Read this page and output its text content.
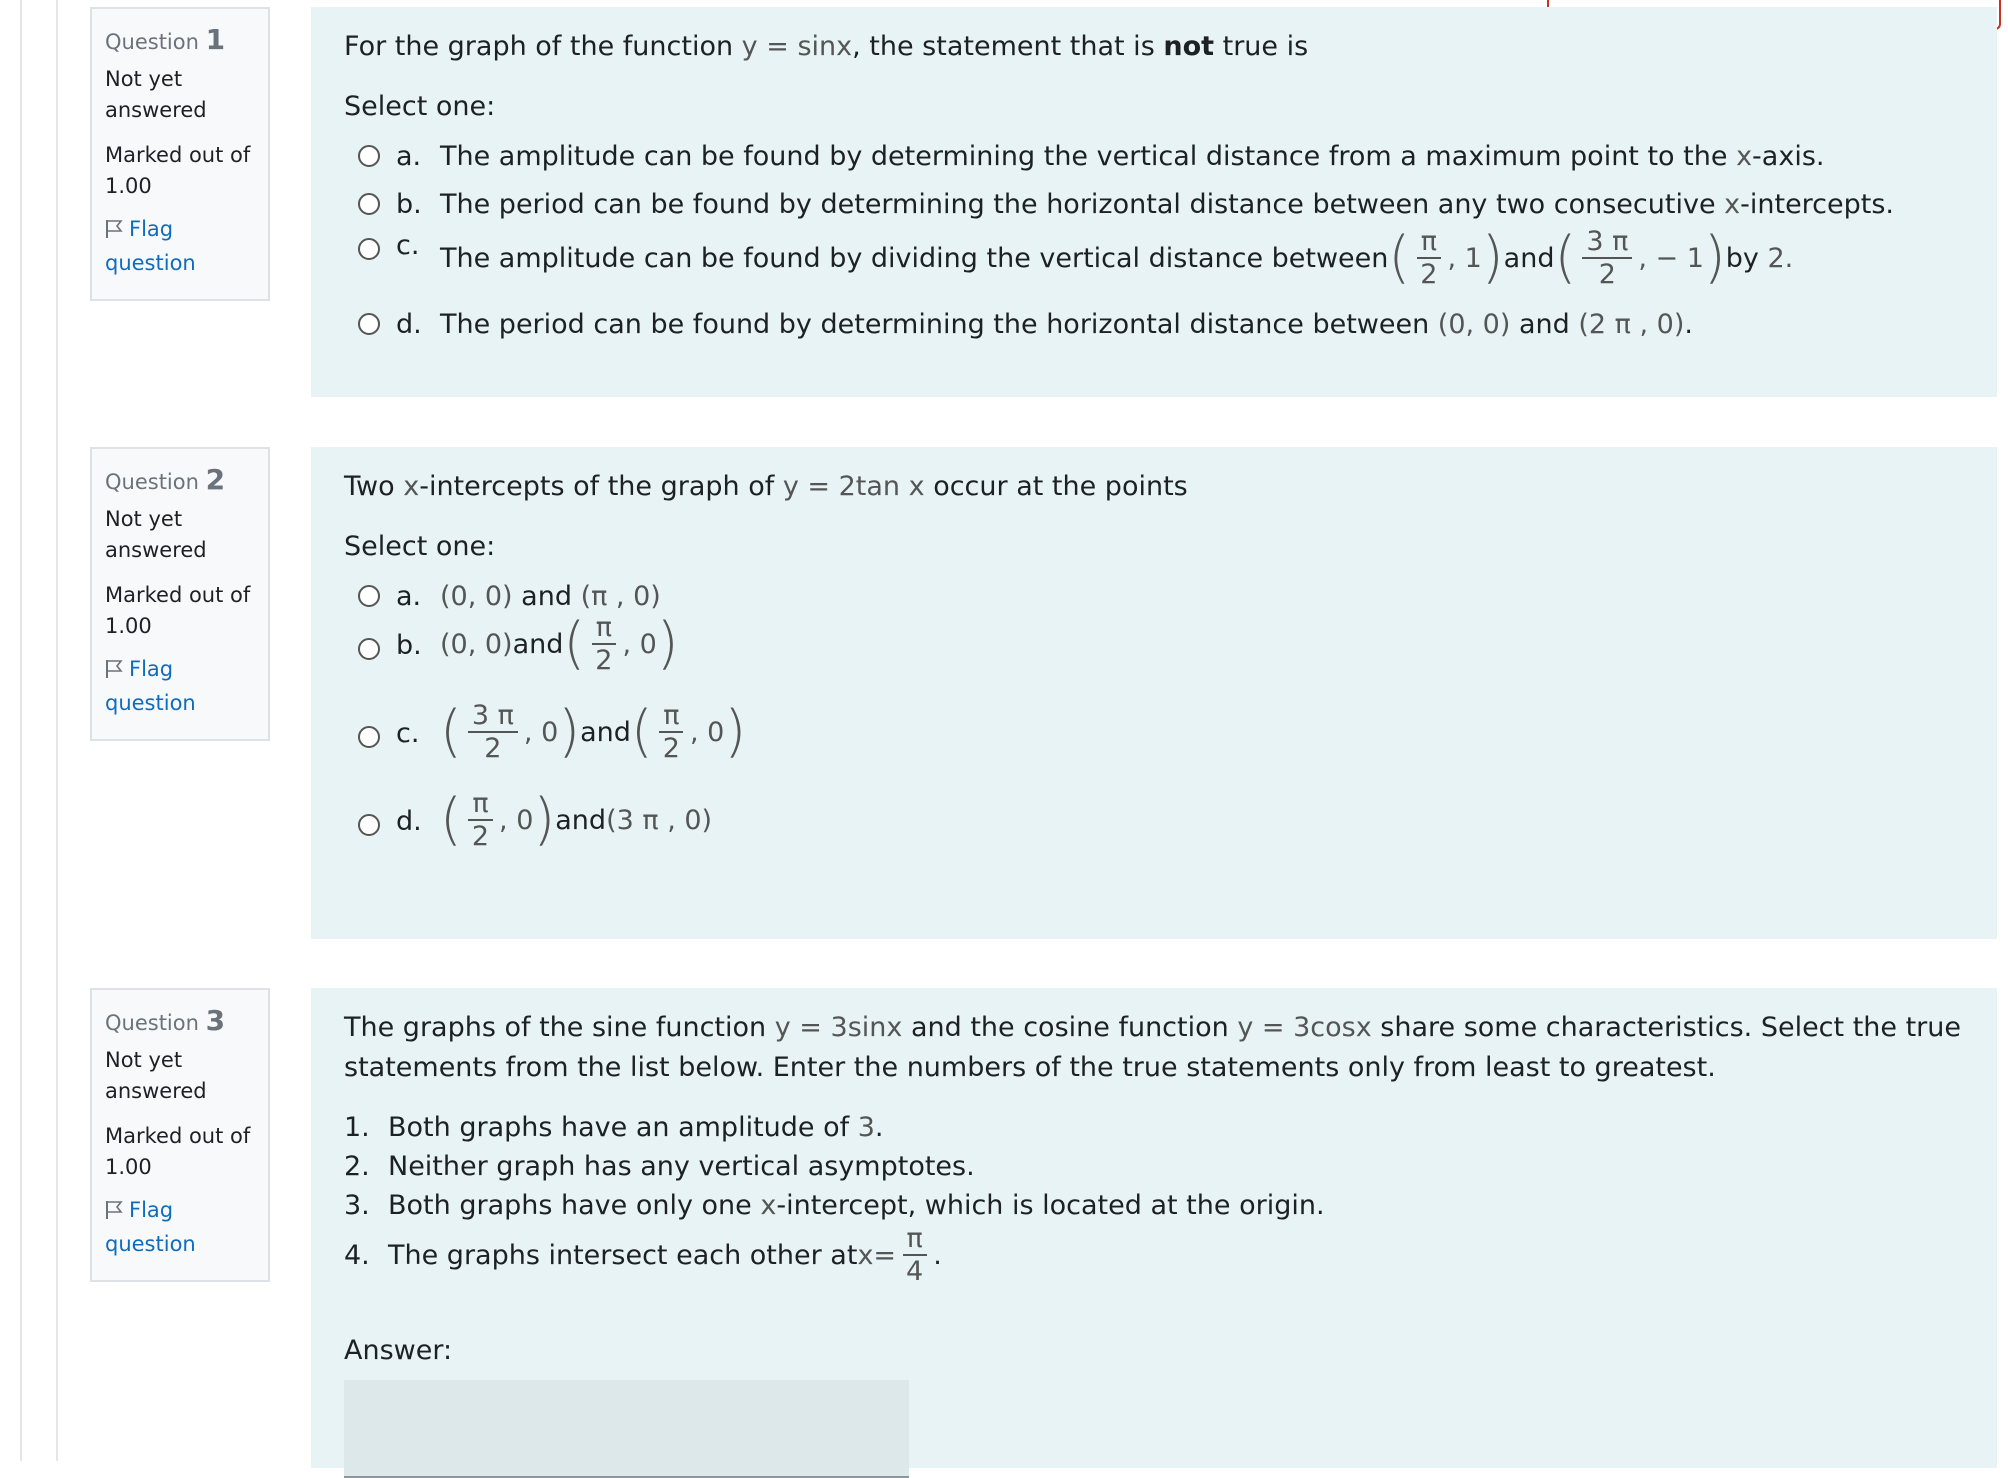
Question 1
Not yet answered
Marked out of 1.00
Flag question
For the graph of the function y = sinx, the statement that is not true is
Select one:
a. The amplitude can be found by determining the vertical distance from a maximum point to the x-axis.
b. The period can be found by determining the horizontal distance between any two consecutive x-intercepts.
c. The amplitude can be found by dividing the vertical distance between ( $\frac{\pi}{2}$ , 1 ) and ( $\frac{3 \pi}{2}$ , − 1 ) by
2.
d. The period can be found by determining the horizontal distance between (0, 0) and (2 π , 0).
Question 2
Not yet answered
Marked out of 1.00
Flag question
Two x-intercepts of the graph of y = 2tan x occur at the points
Select one:
a. (0, 0) and (π , 0)
b. (0, 0) and ( $\frac{\pi}{2}$ , 0 )
c. ( $\frac{3 \pi}{2}$ , 0 ) and ( $\frac{\pi}{2}$ , 0 )
d. ( $\frac{\pi}{2}$ , 0 ) and (3 π , 0)
Question 3
Not yet answered
Marked out of 1.00
Flag question
The graphs of the sine function y = 3sinx and the cosine function y = 3cosx share some characteristics. Select the true statements from the list below. Enter the numbers of the true statements only from least to greatest.
1. Both graphs have an amplitude of 3.
2. Neither graph has any vertical asymptotes.
3. Both graphs have only one x-intercept, which is located at the origin.
4. The graphs intersect each other at $x = \frac{\pi}{4}$ .
Answer:
